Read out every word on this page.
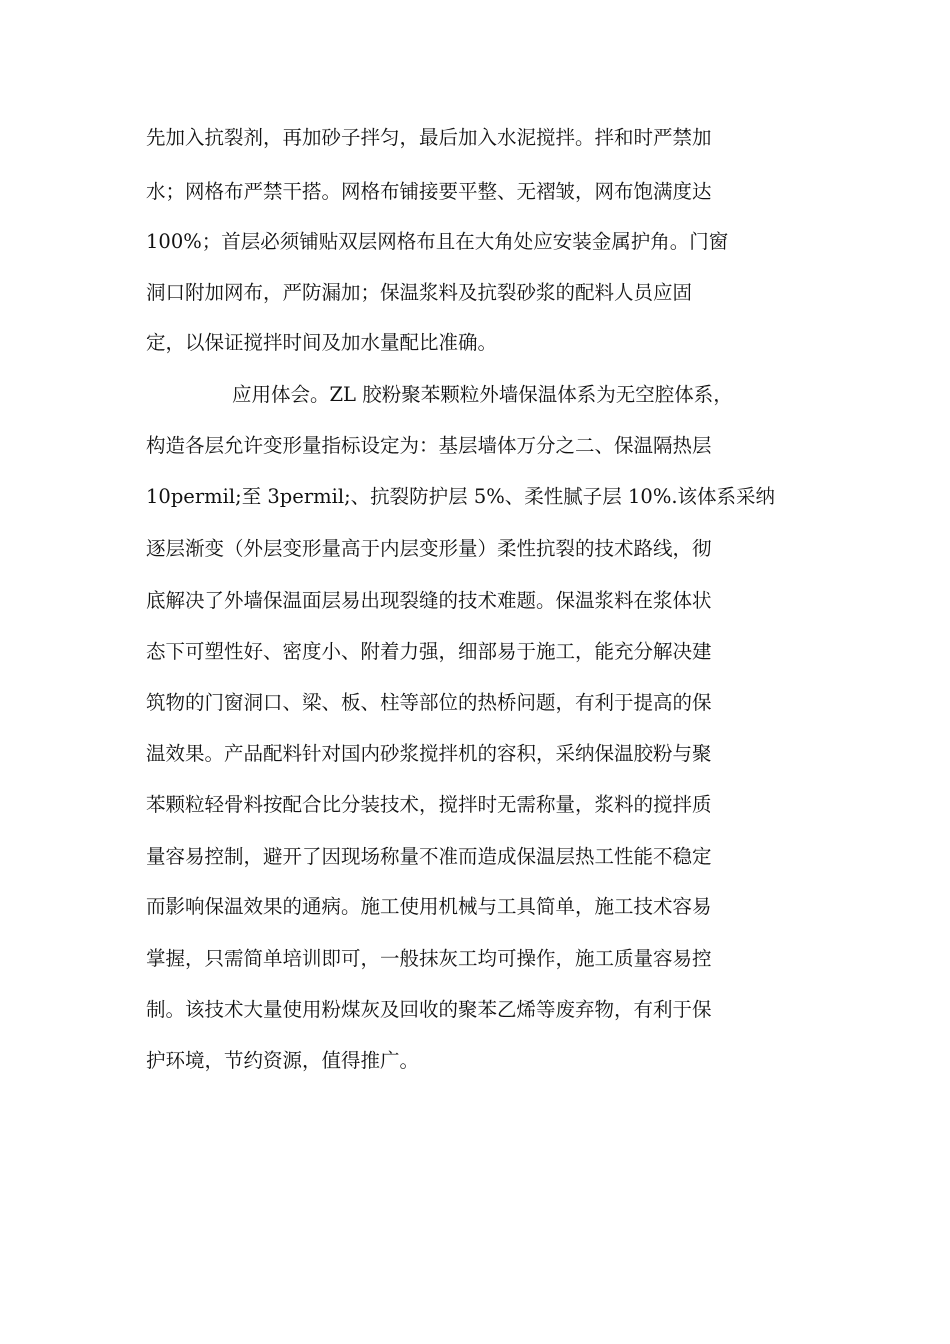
先加入抗裂剂，再加砂子拌匀，最后加入水泥搅拌。拌和时严禁加
水；网格布严禁干搭。网格布铺接要平整、无褶皱，网布饱满度达
100%；首层必须铺贴双层网格布且在大角处应安装金属护角。门窗
洞口附加网布，严防漏加；保温浆料及抗裂砂浆的配料人员应固
定，以保证搅拌时间及加水量配比准确。
应用体会。ZL 胶粉聚苯颗粒外墙保温体系为无空腔体系，
构造各层允许变形量指标设定为：基层墙体万分之二、保温隔热层
10permil;至 3permil;、抗裂防护层 5%、柔性腻子层 10%.该体系采纳
逐层渐变（外层变形量高于内层变形量）柔性抗裂的技术路线，彻
底解决了外墙保温面层易出现裂缝的技术难题。保温浆料在浆体状
态下可塑性好、密度小、附着力强，细部易于施工，能充分解决建
筑物的门窗洞口、梁、板、柱等部位的热桥问题，有利于提高的保
温效果。产品配料针对国内砂浆搅拌机的容积，采纳保温胶粉与聚
苯颗粒轻骨料按配合比分装技术，搅拌时无需称量，浆料的搅拌质
量容易控制，避开了因现场称量不准而造成保温层热工性能不稳定
而影响保温效果的通病。施工使用机械与工具简单，施工技术容易
掌握，只需简单培训即可，一般抹灰工均可操作，施工质量容易控
制。该技术大量使用粉煤灰及回收的聚苯乙烯等废弃物，有利于保
护环境，节约资源，值得推广。
